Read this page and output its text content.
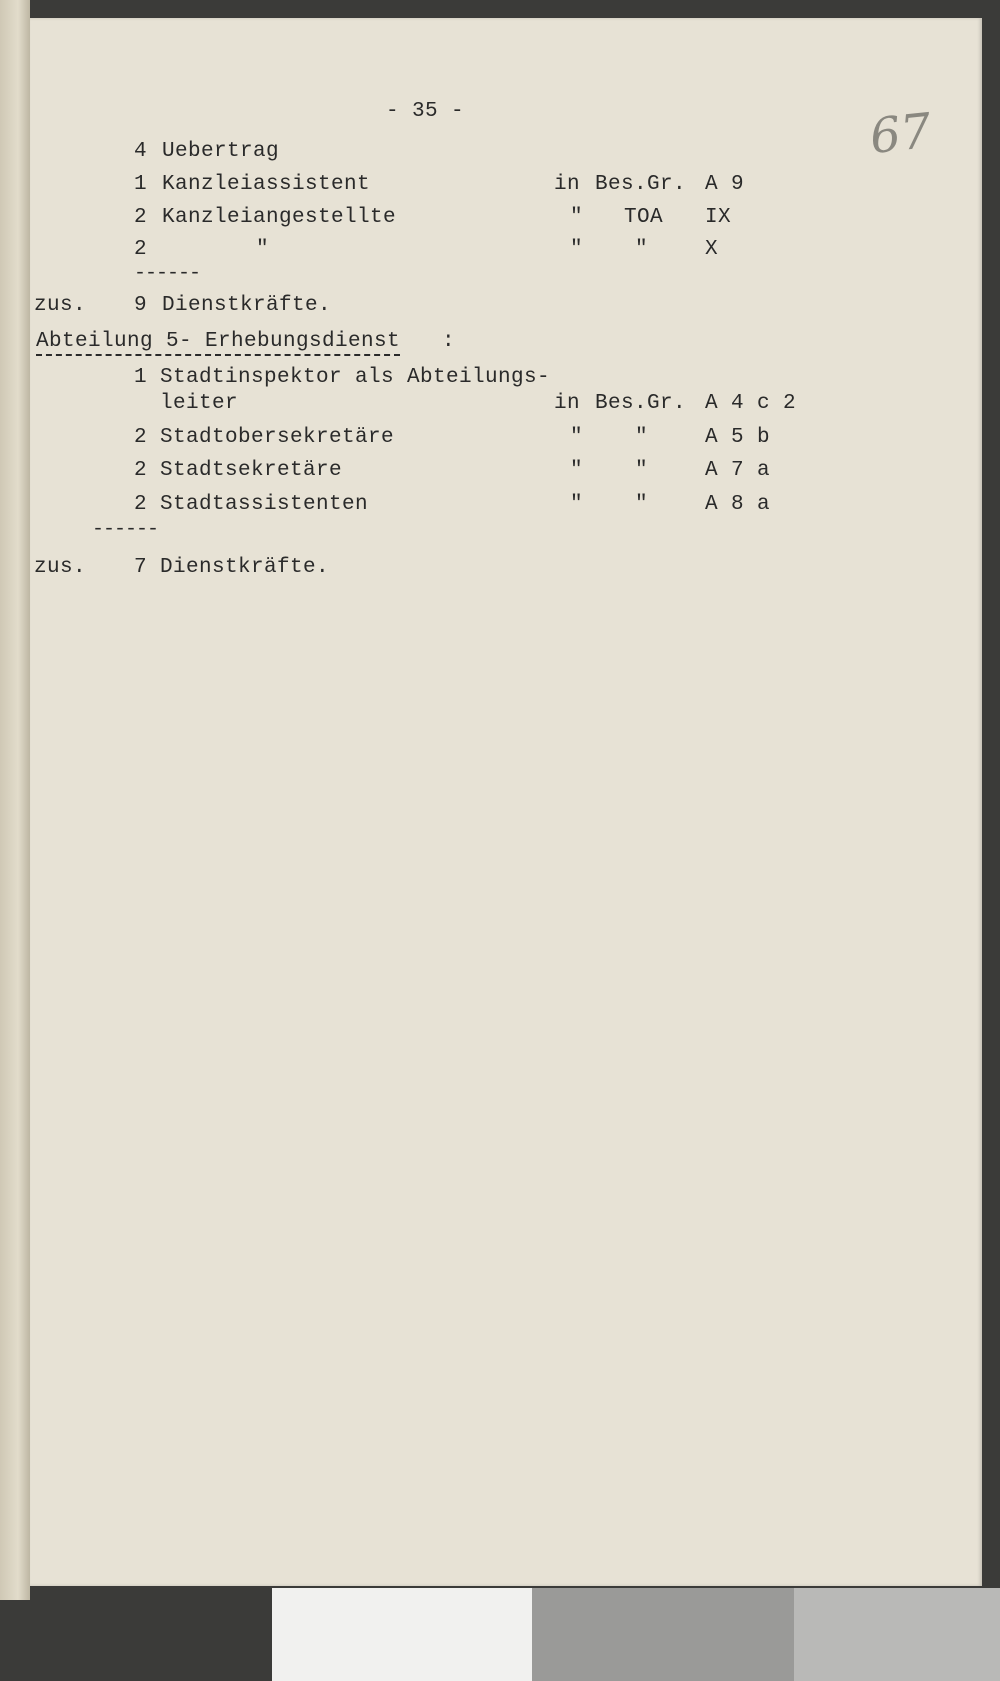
- 35 -	67
4 Uebertrag
1 Kanzleiassistent	in Bes.Gr. A 9
2 Kanzleiangestellte	" TOA IX
2	"	" "	X
------
zus. 9 Dienstkräfte.
Abteilung 5- Erhebungsdienst :
1 Stadtinspektor als Abteilungs-
leiter	in Bes.Gr. A 4 c 2
2 Stadtobersekretäre	" "	A 5 b
2 Stadtsekretäre	" "	A 7 a
2 Stadtassistenten	" "	A 8 a
------
zus. 7 Dienstkräfte.
